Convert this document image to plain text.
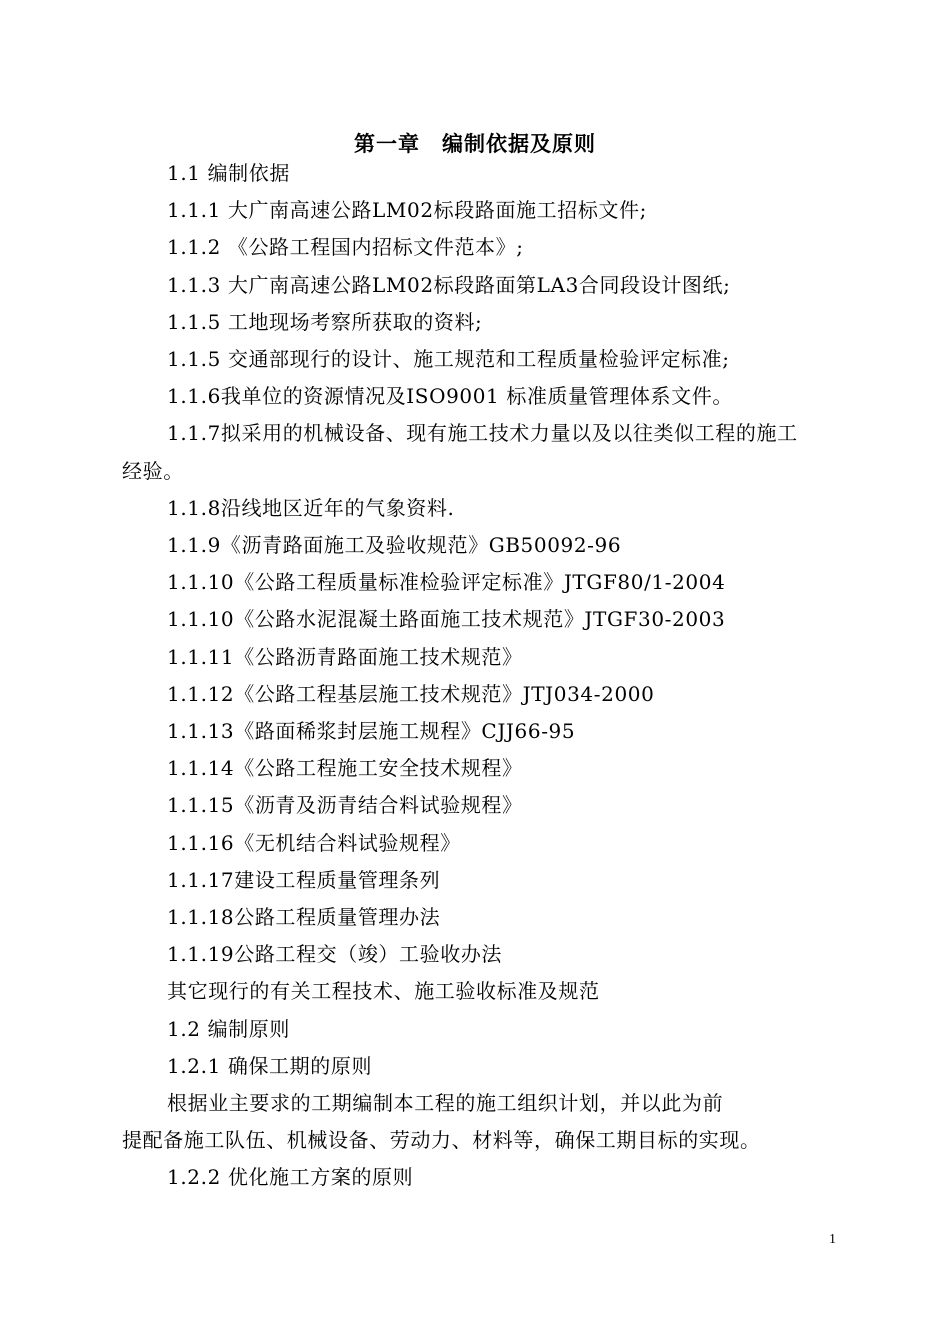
第一章　编制依据及原则
1.1 编制依据
1.1.1 大广南高速公路LM02标段路面施工招标文件;
1.1.2 《公路工程国内招标文件范本》;
1.1.3 大广南高速公路LM02标段路面第LA3合同段设计图纸;
1.1.5 工地现场考察所获取的资料;
1.1.5 交通部现行的设计、施工规范和工程质量检验评定标准;
1.1.6我单位的资源情况及ISO9001 标准质量管理体系文件。
1.1.7拟采用的机械设备、现有施工技术力量以及以往类似工程的施工
经验。
1.1.8沿线地区近年的气象资料.
1.1.9《沥青路面施工及验收规范》GB50092-96
1.1.10《公路工程质量标准检验评定标准》JTGF80/1-2004
1.1.10《公路水泥混凝土路面施工技术规范》JTGF30-2003
1.1.11《公路沥青路面施工技术规范》
1.1.12《公路工程基层施工技术规范》JTJ034-2000
1.1.13《路面稀浆封层施工规程》CJJ66-95
1.1.14《公路工程施工安全技术规程》
1.1.15《沥青及沥青结合料试验规程》
1.1.16《无机结合料试验规程》
1.1.17建设工程质量管理条列
1.1.18公路工程质量管理办法
1.1.19公路工程交（竣）工验收办法
其它现行的有关工程技术、施工验收标准及规范
1.2 编制原则
1.2.1 确保工期的原则
根据业主要求的工期编制本工程的施工组织计划，并以此为前
提配备施工队伍、机械设备、劳动力、材料等，确保工期目标的实现。
1.2.2 优化施工方案的原则
1
